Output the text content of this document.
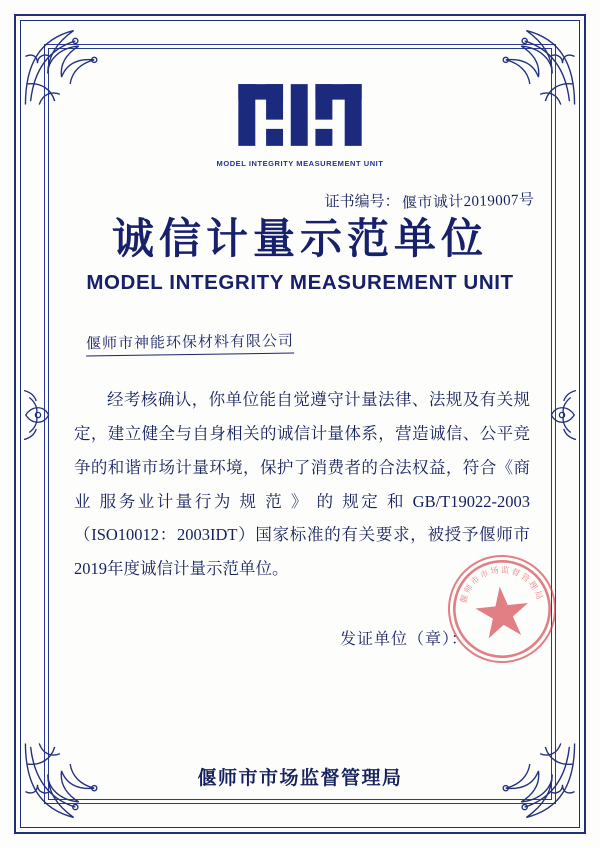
MODEL INTEGRITY MEASUREMENT UNIT
证书编号： 偃市诚计2019007号
诚信计量示范单位
MODEL INTEGRITY MEASUREMENT UNIT
偃师市神能环保材料有限公司
经考核确认，你单位能自觉遵守计量法律、法规及有关规定，建立健全与自身相关的诚信计量体系，营造诚信、公平竞争的和谐市场计量环境，保护了消费者的合法权益，符合《商业 服务业计量行为 规 范 》 的 规定 和 GB/T19022-2003（ISO10012：2003IDT）国家标准的有关要求，被授予偃师市2019年度诚信计量示范单位。
发证单位（章）：
偃师市市场监督管理局
偃师市市场监督管理局
